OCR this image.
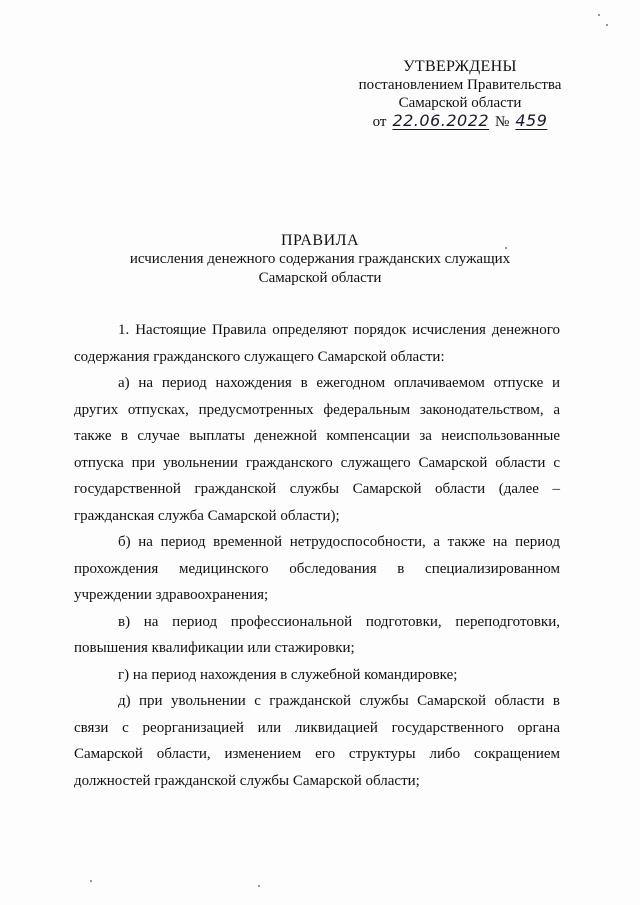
УТВЕРЖДЕНЫ
постановлением Правительства
Самарской области
от 22.06.2022 № 459
ПРАВИЛА
исчисления денежного содержания гражданских служащих
Самарской области

1. Настоящие Правила определяют порядок исчисления денежного содержания гражданского служащего Самарской области:

а) на период нахождения в ежегодном оплачиваемом отпуске и других отпусках, предусмотренных федеральным законодательством, а также в случае выплаты денежной компенсации за неиспользованные отпуска при увольнении гражданского служащего Самарской области с государственной гражданской службы Самарской области (далее – гражданская служба Самарской области);

б) на период временной нетрудоспособности, а также на период прохождения медицинского обследования в специализированном учреждении здравоохранения;

в) на период профессиональной подготовки, переподготовки, повышения квалификации или стажировки;

г) на период нахождения в служебной командировке;

д) при увольнении с гражданской службы Самарской области в связи с реорганизацией или ликвидацией государственного органа Самарской области, изменением его структуры либо сокращением должностей гражданской службы Самарской области;
